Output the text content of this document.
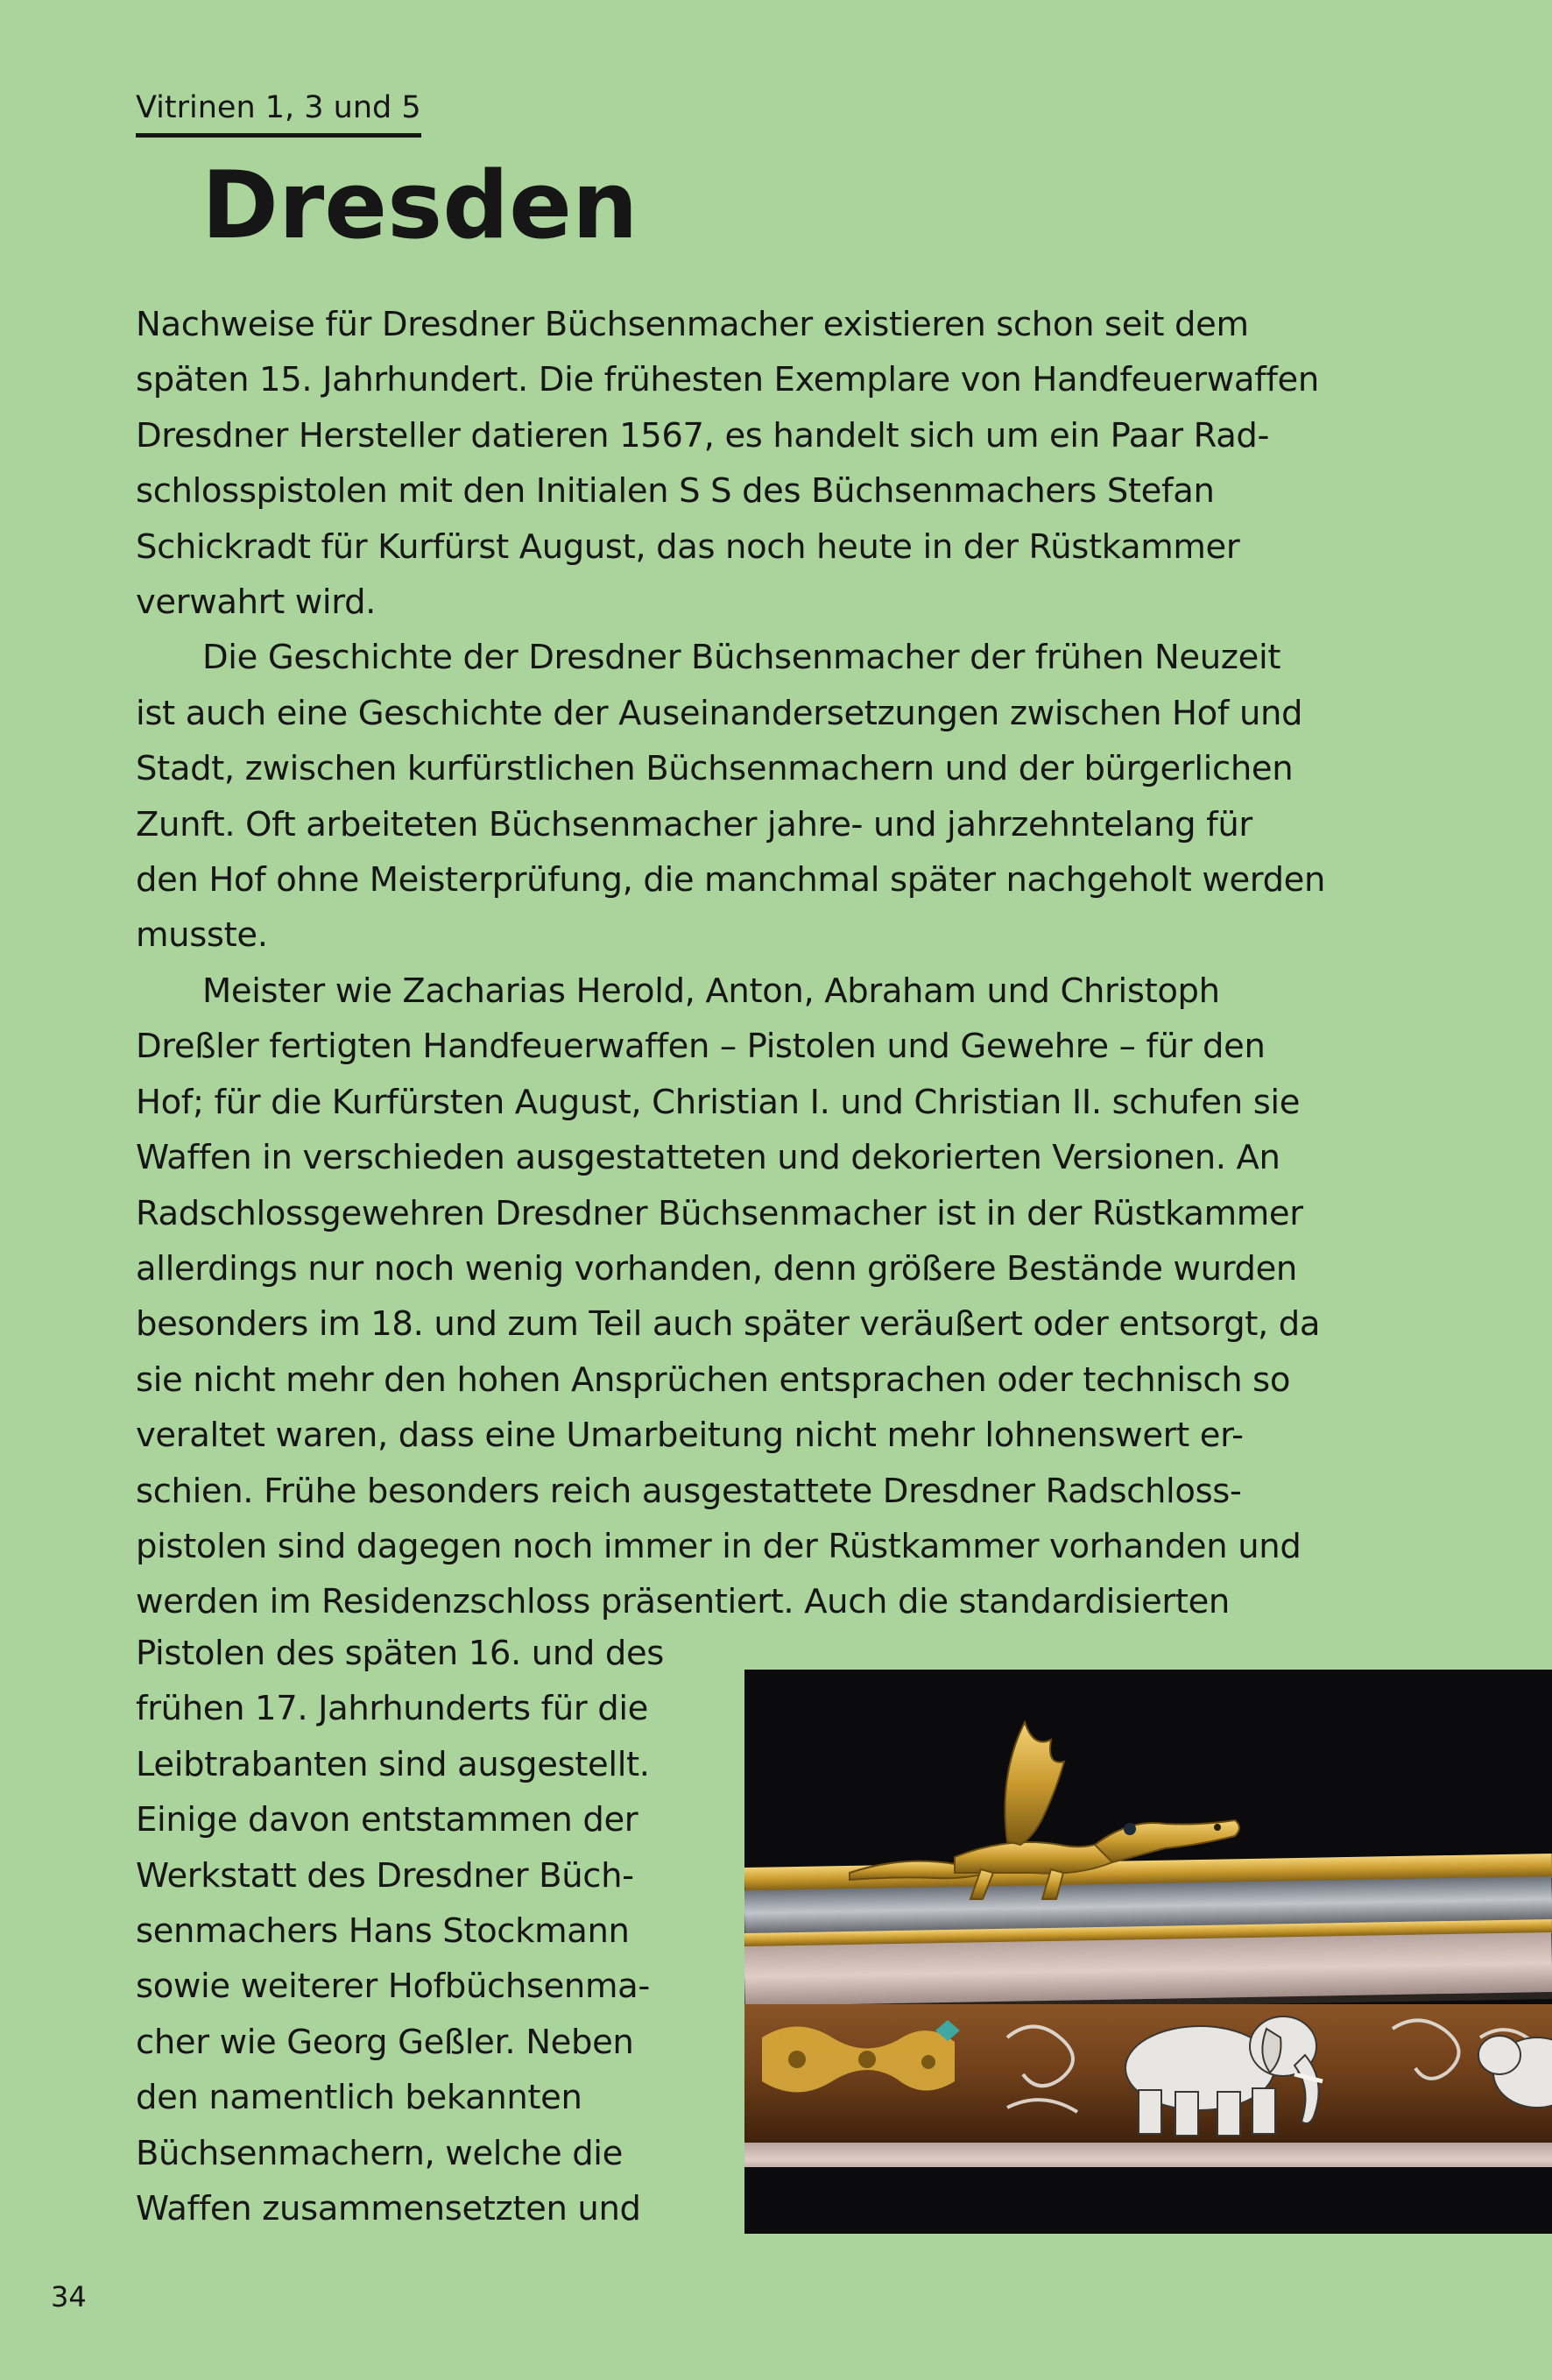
Vitrinen 1, 3 und 5
Dresden
Nachweise für Dresdner Büchsenmacher existieren schon seit dem
späten 15. Jahrhundert. Die frühesten Exemplare von Handfeuerwaffen
Dresdner Hersteller datieren 1567, es handelt sich um ein Paar Rad-
schlosspistolen mit den Initialen S S des Büchsenmachers Stefan
Schickradt für Kurfürst August, das noch heute in der Rüstkammer
verwahrt wird.
Die Geschichte der Dresdner Büchsenmacher der frühen Neuzeit
ist auch eine Geschichte der Auseinandersetzungen zwischen Hof und
Stadt, zwischen kurfürstlichen Büchsenmachern und der bürgerlichen
Zunft. Oft arbeiteten Büchsenmacher jahre- und jahrzehntelang für
den Hof ohne Meisterprüfung, die manchmal später nachgeholt werden
musste.
Meister wie Zacharias Herold, Anton, Abraham und Christoph
Dreßler fertigten Handfeuerwaffen – Pistolen und Gewehre – für den
Hof; für die Kurfürsten August, Christian I. und Christian II. schufen sie
Waffen in verschieden ausgestatteten und dekorierten Versionen. An
Radschlossgewehren Dresdner Büchsenmacher ist in der Rüstkammer
allerdings nur noch wenig vorhanden, denn größere Bestände wurden
besonders im 18. und zum Teil auch später veräußert oder entsorgt, da
sie nicht mehr den hohen Ansprüchen entsprachen oder technisch so
veraltet waren, dass eine Umarbeitung nicht mehr lohnenswert er-
schien. Frühe besonders reich ausgestattete Dresdner Radschloss-
pistolen sind dagegen noch immer in der Rüstkammer vorhanden und
werden im Residenzschloss präsentiert. Auch die standardisierten
Pistolen des späten 16. und des
frühen 17. Jahrhunderts für die
Leibtrabanten sind ausgestellt.
Einige davon entstammen der
Werkstatt des Dresdner Büch-
senmachers Hans Stockmann
sowie weiterer Hofbüchsenma-
cher wie Georg Geßler. Neben
den namentlich bekannten
Büchsenmachern, welche die
Waffen zusammensetzten und
34
